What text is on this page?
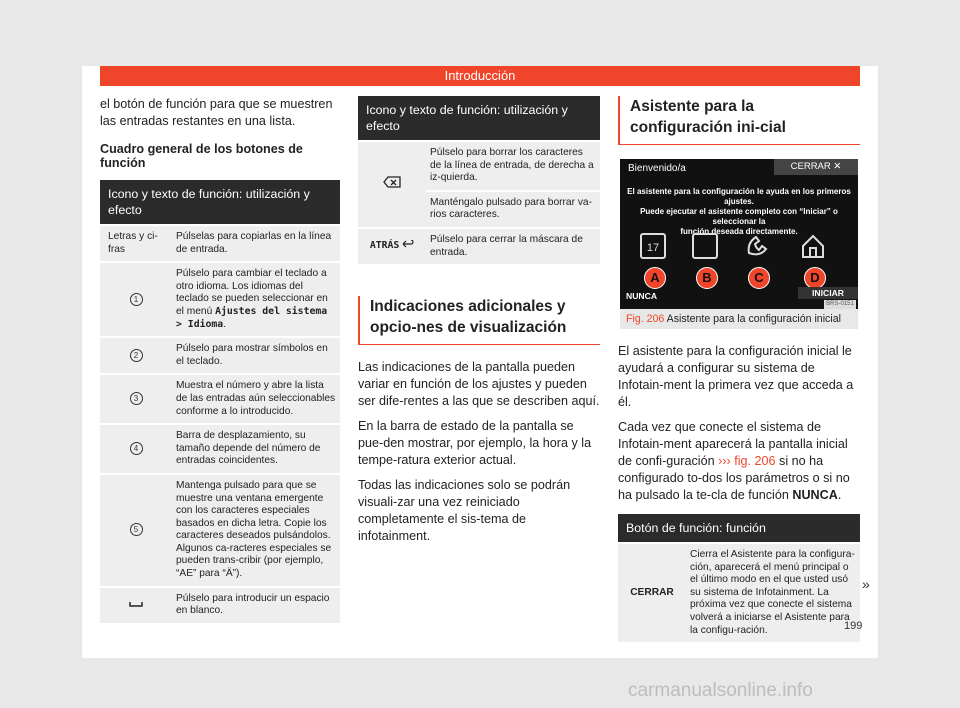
Introducción

el botón de función para que se muestren las entradas restantes en una lista.

Cuadro general de los botones de función
Icono y texto de función: utilización y efecto	
Letras y ci-
fras	Púlselas para copiarlas en la línea de entrada.
1	Púlselo para cambiar el teclado a otro idioma. Los idiomas del teclado se pueden seleccionar en el menú Ajustes del sistema > Idioma.
2	Púlselo para mostrar símbolos en el teclado.
3	Muestra el número y abre la lista de las entradas aún seleccionables conforme a lo introducido.
4	Barra de desplazamiento, su tamaño depende del número de entradas coincidentes.
5	Mantenga pulsado para que se muestre una ventana emergente con los caracteres especiales basados en dicha letra. Copie los caracteres deseados pulsándolos. Algunos ca-racteres especiales se pueden trans-cribir (por ejemplo, “AE” para “Ä”).
	Púlselo para introducir un espacio en blanco.
Icono y texto de función: utilización y efecto	
	Púlselo para borrar los caracteres de la línea de entrada, de derecha a iz-quierda.
	Manténgalo pulsado para borrar va-rios caracteres.
ATRÁS	Púlselo para cerrar la máscara de entrada.
Indicaciones adicionales y opcio-nes de visualización

Las indicaciones de la pantalla pueden variar en función de los ajustes y pueden ser dife-rentes a las que se describen aquí.

En la barra de estado de la pantalla se pue-den mostrar, por ejemplo, la hora y la tempe-ratura exterior actual.

Todas las indicaciones solo se podrán visuali-zar una vez reiniciado completamente el sis-tema de infotainment.

Asistente para la configuración ini-cial
Bienvenido/a	CERRAR ✕
El asistente para la configuración le ayuda en los primeros ajustes.
Puede ejecutar el asistente completo con “Iniciar” o seleccionar la
función deseada directamente.
17
A	B	C	D
NUNCA	INICIAR
BRS-0151
Fig. 206 Asistente para la configuración inicial

El asistente para la configuración inicial le ayudará a configurar su sistema de Infotain-ment la primera vez que acceda a él.

Cada vez que conecte el sistema de Infotain-ment aparecerá la pantalla inicial de confi-guración ››› fig. 206 si no ha configurado to-dos los parámetros o si no ha pulsado la te-cla de función NUNCA.

Botón de función: función
CERRAR	Cierra el Asistente para la configura-ción, aparecerá el menú principal o el último modo en el que usted usó su sistema de Infotainment. La próxima vez que conecte el sistema volverá a iniciarse el Asistente para la configu-ración.
»
199
carmanualsonline.info
